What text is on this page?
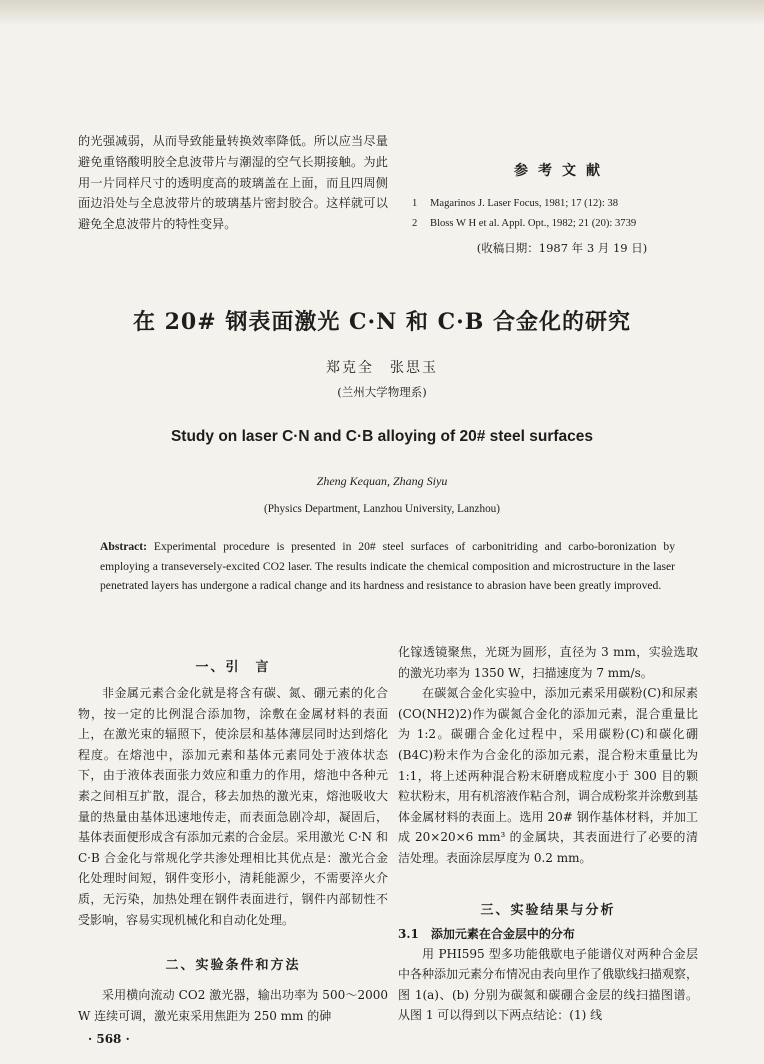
的光强减弱，从而导致能量转换效率降低。所以应当尽量避免重铬酸明胶全息波带片与潮湿的空气长期接触。为此用一片同样尺寸的透明度高的玻璃盖在上面，而且四周侧面边沿处与全息波带片的玻璃基片密封胶合。这样就可以避免全息波带片的特性变异。
参考文献
1 Magarinos J. Laser Focus, 1981; 17 (12): 38
2 Bloss W H et al. Appl. Opt., 1982; 21 (20): 3739
(收稿日期：1987 年 3 月 19 日)
在 20# 钢表面激光 C·N 和 C·B 合金化的研究
郑克全　张思玉
(兰州大学物理系)
Study on laser C·N and C·B alloying of 20# steel surfaces
Zheng Kequan, Zhang Siyu
(Physics Department, Lanzhou University, Lanzhou)
Abstract: Experimental procedure is presented in 20# steel surfaces of carbonitriding and carbo-boronization by employing a transeversely-excited CO2 laser. The results indicate the chemical composition and microstructure in the laser penetrated layers has undergone a radical change and its hardness and resistance to abrasion have been greatly improved.
一、引　言

非金属元素合金化就是将含有碳、氮、硼元素的化合物，按一定的比例混合添加物，涂敷在金属材料的表面上，在激光束的辐照下，使涂层和基体薄层同时达到熔化程度。在熔池中，添加元素和基体元素同处于液体状态下，由于液体表面张力效应和重力的作用，熔池中各种元素之间相互扩散，混合，移去加热的激光束，熔池吸收大量的热量由基体迅速地传走，而表面急剧冷却，凝固后，基体表面便形成含有添加元素的合金层。采用激光 C·N 和 C·B 合金化与常规化学共渗处理相比其优点是：激光合金化处理时间短，钢件变形小，清耗能源少，不需要淬火介质，无污染，加热处理在钢件表面进行，钢件内部韧性不受影响，容易实现机械化和自动化处理。

二、实验条件和方法

采用横向流动 CO2 激光器，输出功率为 500～2000 W 连续可调，激光束采用焦距为 250 mm 的砷

化镓透镜聚焦，光斑为圆形，直径为 3 mm，实验选取的激光功率为 1350 W，扫描速度为 7 mm/s。

在碳氮合金化实验中，添加元素采用碳粉(C)和尿素(CO(NH2)2)作为碳氮合金化的添加元素，混合重量比为 1:2。碳硼合金化过程中，采用碳粉(C)和碳化硼(B4C)粉末作为合金化的添加元素，混合粉末重量比为 1:1，将上述两种混合粉末研磨成粒度小于 300 目的颗粒状粉末，用有机溶液作粘合剂，调合成粉浆并涂敷到基体金属材料的表面上。选用 20# 钢作基体材料，并加工成 20×20×6 mm³ 的金属块，其表面进行了必要的清洁处理。表面涂层厚度为 0.2 mm。

三、实验结果与分析
3.1　添加元素在合金层中的分布

用 PHI595 型多功能俄歇电子能谱仪对两种合金层中各种添加元素分布情况由表向里作了俄歇线扫描观察，图 1(a)、(b) 分别为碳氮和碳硼合金层的线扫描图谱。从图 1 可以得到以下两点结论：(1) 线

· 568 ·
